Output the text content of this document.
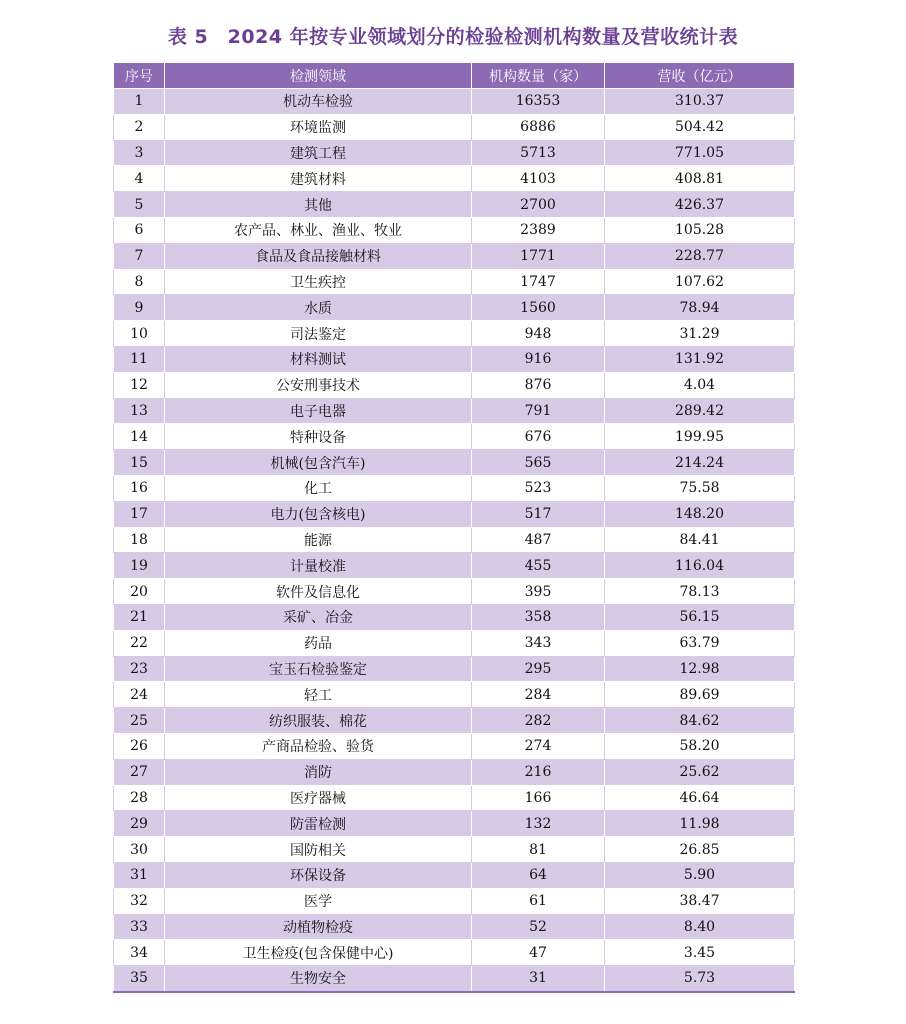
表 5　2024 年按专业领域划分的检验检测机构数量及营收统计表
序号	检测领域	机构数量（家）	营收（亿元）
1	机动车检验	16353	310.37
2	环境监测	6886	504.42
3	建筑工程	5713	771.05
4	建筑材料	4103	408.81
5	其他	2700	426.37
6	农产品、林业、渔业、牧业	2389	105.28
7	食品及食品接触材料	1771	228.77
8	卫生疾控	1747	107.62
9	水质	1560	78.94
10	司法鉴定	948	31.29
11	材料测试	916	131.92
12	公安刑事技术	876	4.04
13	电子电器	791	289.42
14	特种设备	676	199.95
15	机械(包含汽车)	565	214.24
16	化工	523	75.58
17	电力(包含核电)	517	148.20
18	能源	487	84.41
19	计量校准	455	116.04
20	软件及信息化	395	78.13
21	采矿、冶金	358	56.15
22	药品	343	63.79
23	宝玉石检验鉴定	295	12.98
24	轻工	284	89.69
25	纺织服装、棉花	282	84.62
26	产商品检验、验货	274	58.20
27	消防	216	25.62
28	医疗器械	166	46.64
29	防雷检测	132	11.98
30	国防相关	81	26.85
31	环保设备	64	5.90
32	医学	61	38.47
33	动植物检疫	52	8.40
34	卫生检疫(包含保健中心)	47	3.45
35	生物安全	31	5.73
